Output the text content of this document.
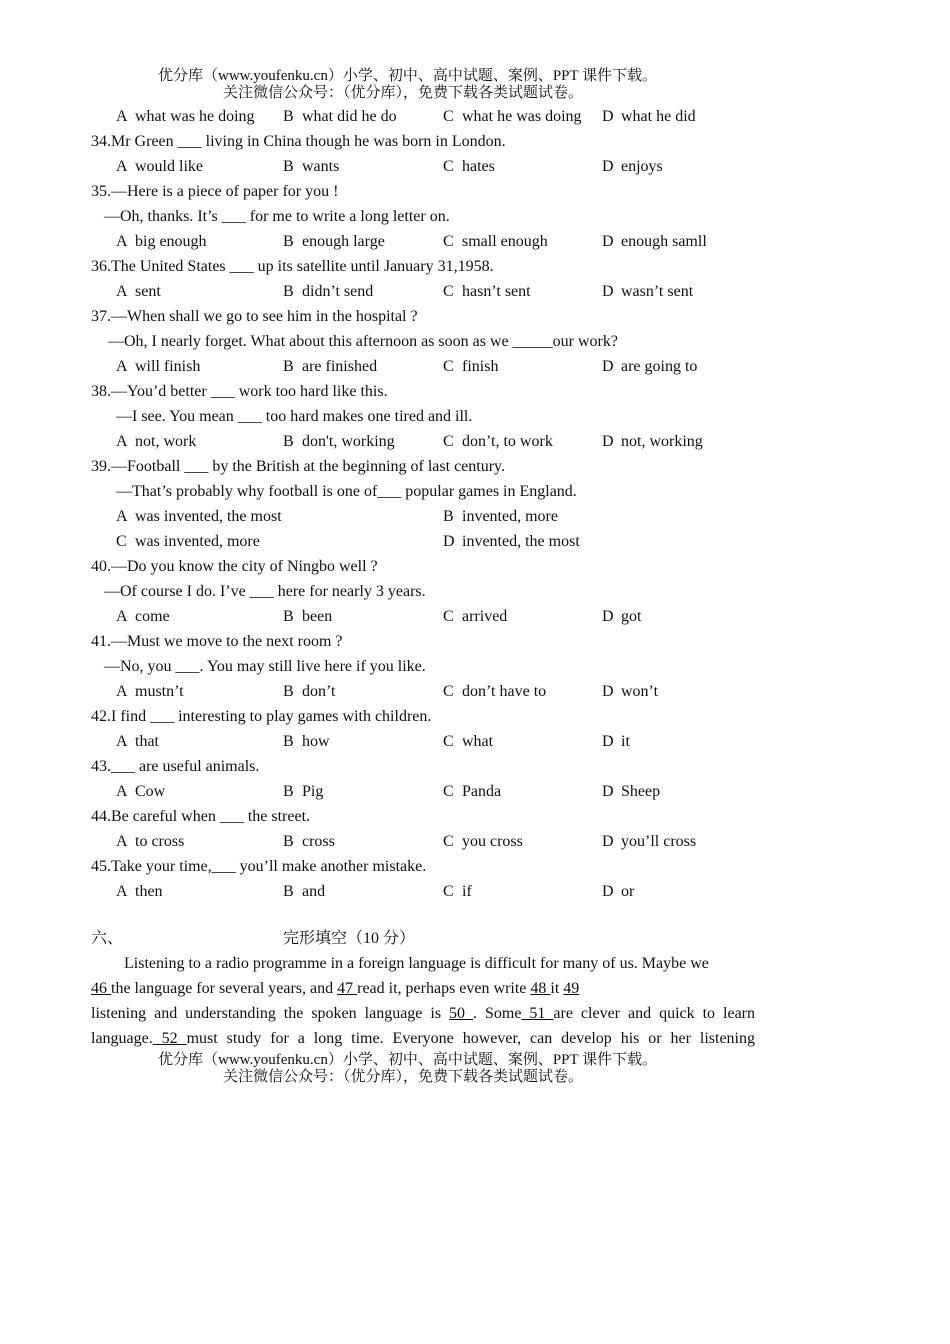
优分库（www.youfenku.cn）小学、初中、高中试题、案例、PPT 课件下载。
关注微信公众号：（优分库），免费下载各类试题试卷。
A what was he doing B what did he do	C what he was doing D what he did
34.Mr Green ___ living in China though he was born in London.
A would like	B wants	C hates	D enjoys
35.—Here is a piece of paper for you !
—Oh, thanks. It’s ___ for me to write a long letter on.
A big enough	B enough large	C small enough	D enough samll
36.The United States ___ up its satellite until January 31,1958.
A sent	B didn’t send	C hasn’t sent	D wasn’t sent
37.—When shall we go to see him in the hospital ?
—Oh, I nearly forget. What about this afternoon as soon as we _____our work?
A will finish	B are finished	C finish	D are going to
38.—You’d better ___ work too hard like this.
—I see. You mean ___ too hard makes one tired and ill.
A not, work	B don't, working	C don’t, to work	D not, working
39.—Football ___ by the British at the beginning of last century.
—That’s probably why football is one of___ popular games in England.
A was invented, the most	B invented, more
C was invented, more	D invented, the most
40.—Do you know the city of Ningbo well ?
—Of course I do. I’ve ___ here for nearly 3 years.
A come	B been	C arrived	D got
41.—Must we move to the next room ?
—No, you ___. You may still live here if you like.
A mustn’t	B don’t	C don’t have to	D won’t
42.I find ___ interesting to play games with children.
A that	B how	C what	D it
43.___ are useful animals.
A Cow	B Pig	C Panda	D Sheep
44.Be careful when ___ the street.
A to cross	B cross	C you cross	D you’ll cross
45.Take your time,___ you’ll make another mistake.
A then	B and	C if	D or
六、	完形填空（10 分）
Listening to a radio programme in a foreign language is difficult for many of us. Maybe we
46 the language for several years, and 47 read it, perhaps even write 48 it 49
listening and understanding the spoken language is 50 . Some 51 are clever and quick to learn
language. 52 must study for a long time. Everyone however, can develop his or her listening
优分库（www.youfenku.cn）小学、初中、高中试题、案例、PPT 课件下载。
关注微信公众号：（优分库），免费下载各类试题试卷。
